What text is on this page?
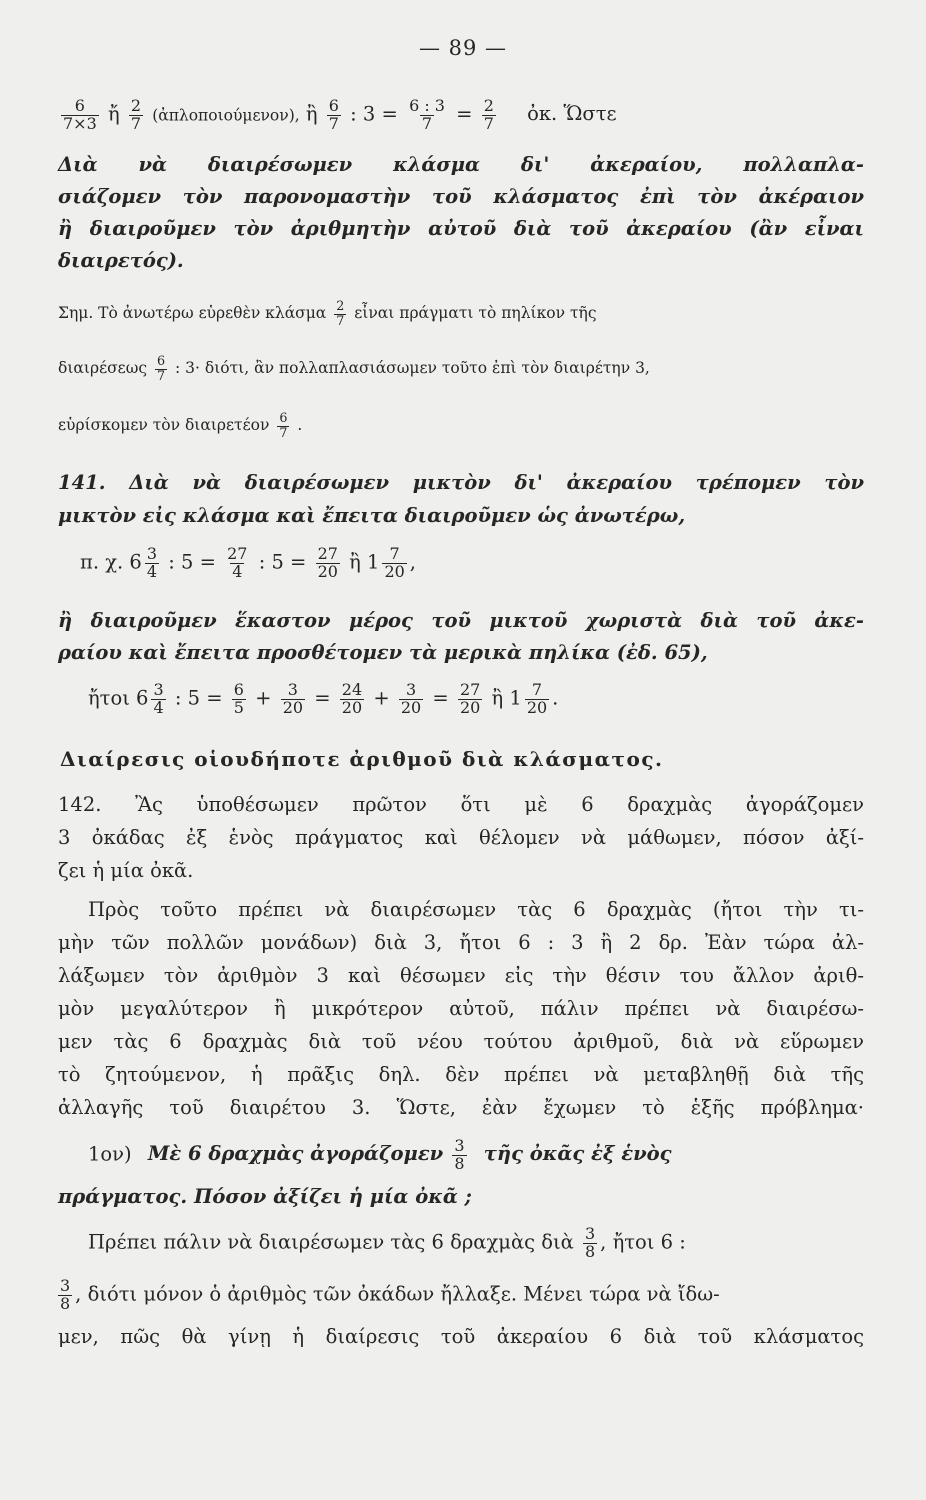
— 89 —
$\frac{6}{7\times 3}$ ἤ $\frac{2}{7}$ (ἀπλοποιούμενον), ἢ $\frac{6}{7}$ : $3 = \frac{6 : 3}{7} = \frac{2}{7}$ ὀκ. Ὥστε
Διὰ νὰ διαιρέσωμεν κλάσμα δι' ἀκεραίου, πολλαπλα-
σιάζομεν τὸν παρονομαστὴν τοῦ κλάσματος ἐπὶ τὸν ἀκέραιον
ἢ διαιροῦμεν τὸν ἀριθμητὴν αὐτοῦ διὰ τοῦ ἀκεραίου (ἂν εἶναι
διαιρετός).
Σημ. Τὸ ἀνωτέρω εὑρεθὲν κλάσμα $\frac{2}{7}$ εἶναι πράγματι τὸ πηλίκον τῆς
διαιρέσεως $\frac{6}{7}$ : 3· διότι, ἂν πολλαπλασιάσωμεν τοῦτο ἐπὶ τὸν διαιρέτην 3,
εὑρίσκομεν τὸν διαιρετέον $\frac{6}{7}$ .
141. Διὰ νὰ διαιρέσωμεν μικτὸν δι' ἀκεραίου τρέπομεν τὸν
μικτὸν εἰς κλάσμα καὶ ἔπειτα διαιροῦμεν ὡς ἀνωτέρω,
π. χ. $6 \frac{3}{4}$ : $5 = \frac{27}{4}$ : $5 = \frac{27}{20}$ ἢ $1 \frac{7}{20}$ ,
ἢ διαιροῦμεν ἕκαστον μέρος τοῦ μικτοῦ χωριστὰ διὰ τοῦ ἀκε-
ραίου καὶ ἔπειτα προσθέτομεν τὰ μερικὰ πηλίκα (ἐδ. 65),
ἤτοι $6 \frac{3}{4}$ : $5 = \frac{6}{5} + \frac{3}{20} = \frac{24}{20} + \frac{3}{20} = \frac{27}{20}$ ἢ $1 \frac{7}{20}$ .
Διαίρεσις οἱουδήποτε ἀριθμοῦ διὰ κλάσματος.
142. Ἂς ὑποθέσωμεν πρῶτον ὅτι μὲ 6 δραχμὰς ἀγοράζομεν
3 ὀκάδας ἐξ ἑνὸς πράγματος καὶ θέλομεν νὰ μάθωμεν, πόσον ἀξί-
ζει ἡ μία ὀκᾶ.
Πρὸς τοῦτο πρέπει νὰ διαιρέσωμεν τὰς 6 δραχμὰς (ἤτοι τὴν τι-
μὴν τῶν πολλῶν μονάδων) διὰ 3, ἤτοι 6 : 3 ἢ 2 δρ. Ἐὰν τώρα ἀλ-
λάξωμεν τὸν ἀριθμὸν 3 καὶ θέσωμεν εἰς τὴν θέσιν του ἄλλον ἀριθ-
μὸν μεγαλύτερον ἢ μικρότερον αὐτοῦ, πάλιν πρέπει νὰ διαιρέσω-
μεν τὰς 6 δραχμὰς διὰ τοῦ νέου τούτου ἀριθμοῦ, διὰ νὰ εὕρωμεν
τὸ ζητούμενον, ἡ πρᾶξις δηλ. δὲν πρέπει νὰ μεταβληθῇ διὰ τῆς
ἀλλαγῆς τοῦ διαιρέτου 3. Ὥστε, ἐὰν ἔχωμεν τὸ ἑξῆς πρόβλημα·
1ον) Μὲ 6 δραχμὰς ἀγοράζομεν $\frac{3}{8}$ τῆς ὀκᾶς ἐξ ἑνὸς
πράγματος. Πόσον ἀξίζει ἡ μία ὀκᾶ ;
Πρέπει πάλιν νὰ διαιρέσωμεν τὰς 6 δραχμὰς διὰ $\frac{3}{8}$ , ἤτοι 6 :
$\frac{3}{8}$ , διότι μόνον ὁ ἀριθμὸς τῶν ὀκάδων ἤλλαξε. Μένει τώρα νὰ ἴδω-
μεν, πῶς θὰ γίνῃ ἡ διαίρεσις τοῦ ἀκεραίου 6 διὰ τοῦ κλάσματος
